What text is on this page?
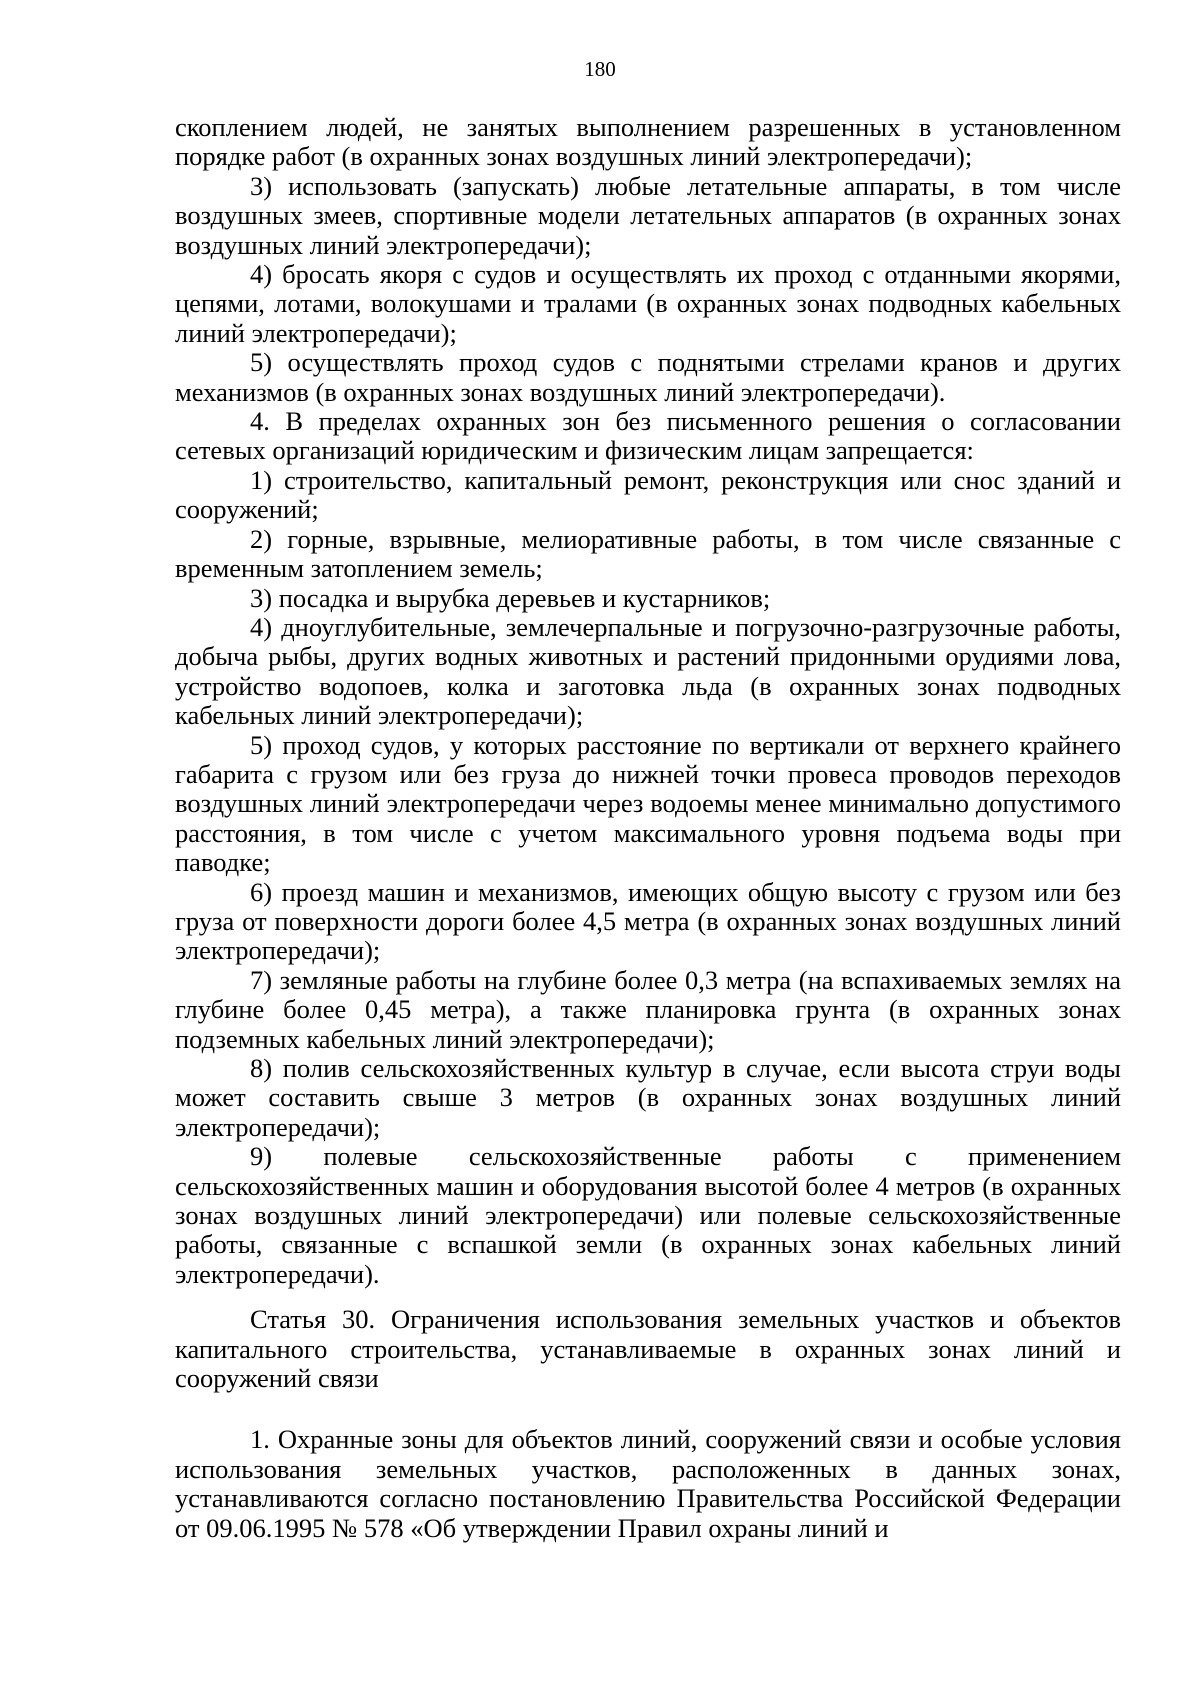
180

скоплением людей, не занятых выполнением разрешенных в установленном порядке работ (в охранных зонах воздушных линий электропередачи);

3) использовать (запускать) любые летательные аппараты, в том числе воздушных змеев, спортивные модели летательных аппаратов (в охранных зонах воздушных линий электропередачи);

4) бросать якоря с судов и осуществлять их проход с отданными якорями, цепями, лотами, волокушами и тралами (в охранных зонах подводных кабельных линий электропередачи);

5) осуществлять проход судов с поднятыми стрелами кранов и других механизмов (в охранных зонах воздушных линий электропередачи).

4. В пределах охранных зон без письменного решения о согласовании сетевых организаций юридическим и физическим лицам запрещается:

1) строительство, капитальный ремонт, реконструкция или снос зданий и сооружений;

2) горные, взрывные, мелиоративные работы, в том числе связанные с временным затоплением земель;

3) посадка и вырубка деревьев и кустарников;

4) дноуглубительные, землечерпальные и погрузочно-разгрузочные работы, добыча рыбы, других водных животных и растений придонными орудиями лова, устройство водопоев, колка и заготовка льда (в охранных зонах подводных кабельных линий электропередачи);

5) проход судов, у которых расстояние по вертикали от верхнего крайнего габарита с грузом или без груза до нижней точки провеса проводов переходов воздушных линий электропередачи через водоемы менее минимально допустимого расстояния, в том числе с учетом максимального уровня подъема воды при паводке;

6) проезд машин и механизмов, имеющих общую высоту с грузом или без груза от поверхности дороги более 4,5 метра (в охранных зонах воздушных линий электропередачи);

7) земляные работы на глубине более 0,3 метра (на вспахиваемых землях на глубине более 0,45 метра), а также планировка грунта (в охранных зонах подземных кабельных линий электропередачи);

8) полив сельскохозяйственных культур в случае, если высота струи воды может составить свыше 3 метров (в охранных зонах воздушных линий электропередачи);

9) полевые сельскохозяйственные работы с применением сельскохозяйственных машин и оборудования высотой более 4 метров (в охранных зонах воздушных линий электропередачи) или полевые сельскохозяйственные работы, связанные с вспашкой земли (в охранных зонах кабельных линий электропередачи).

Статья 30. Ограничения использования земельных участков и объектов капитального строительства, устанавливаемые в охранных зонах линий и сооружений связи

1. Охранные зоны для объектов линий, сооружений связи и особые условия использования земельных участков, расположенных в данных зонах, устанавливаются согласно постановлению Правительства Российской Федерации от 09.06.1995 № 578 «Об утверждении Правил охраны линий и
